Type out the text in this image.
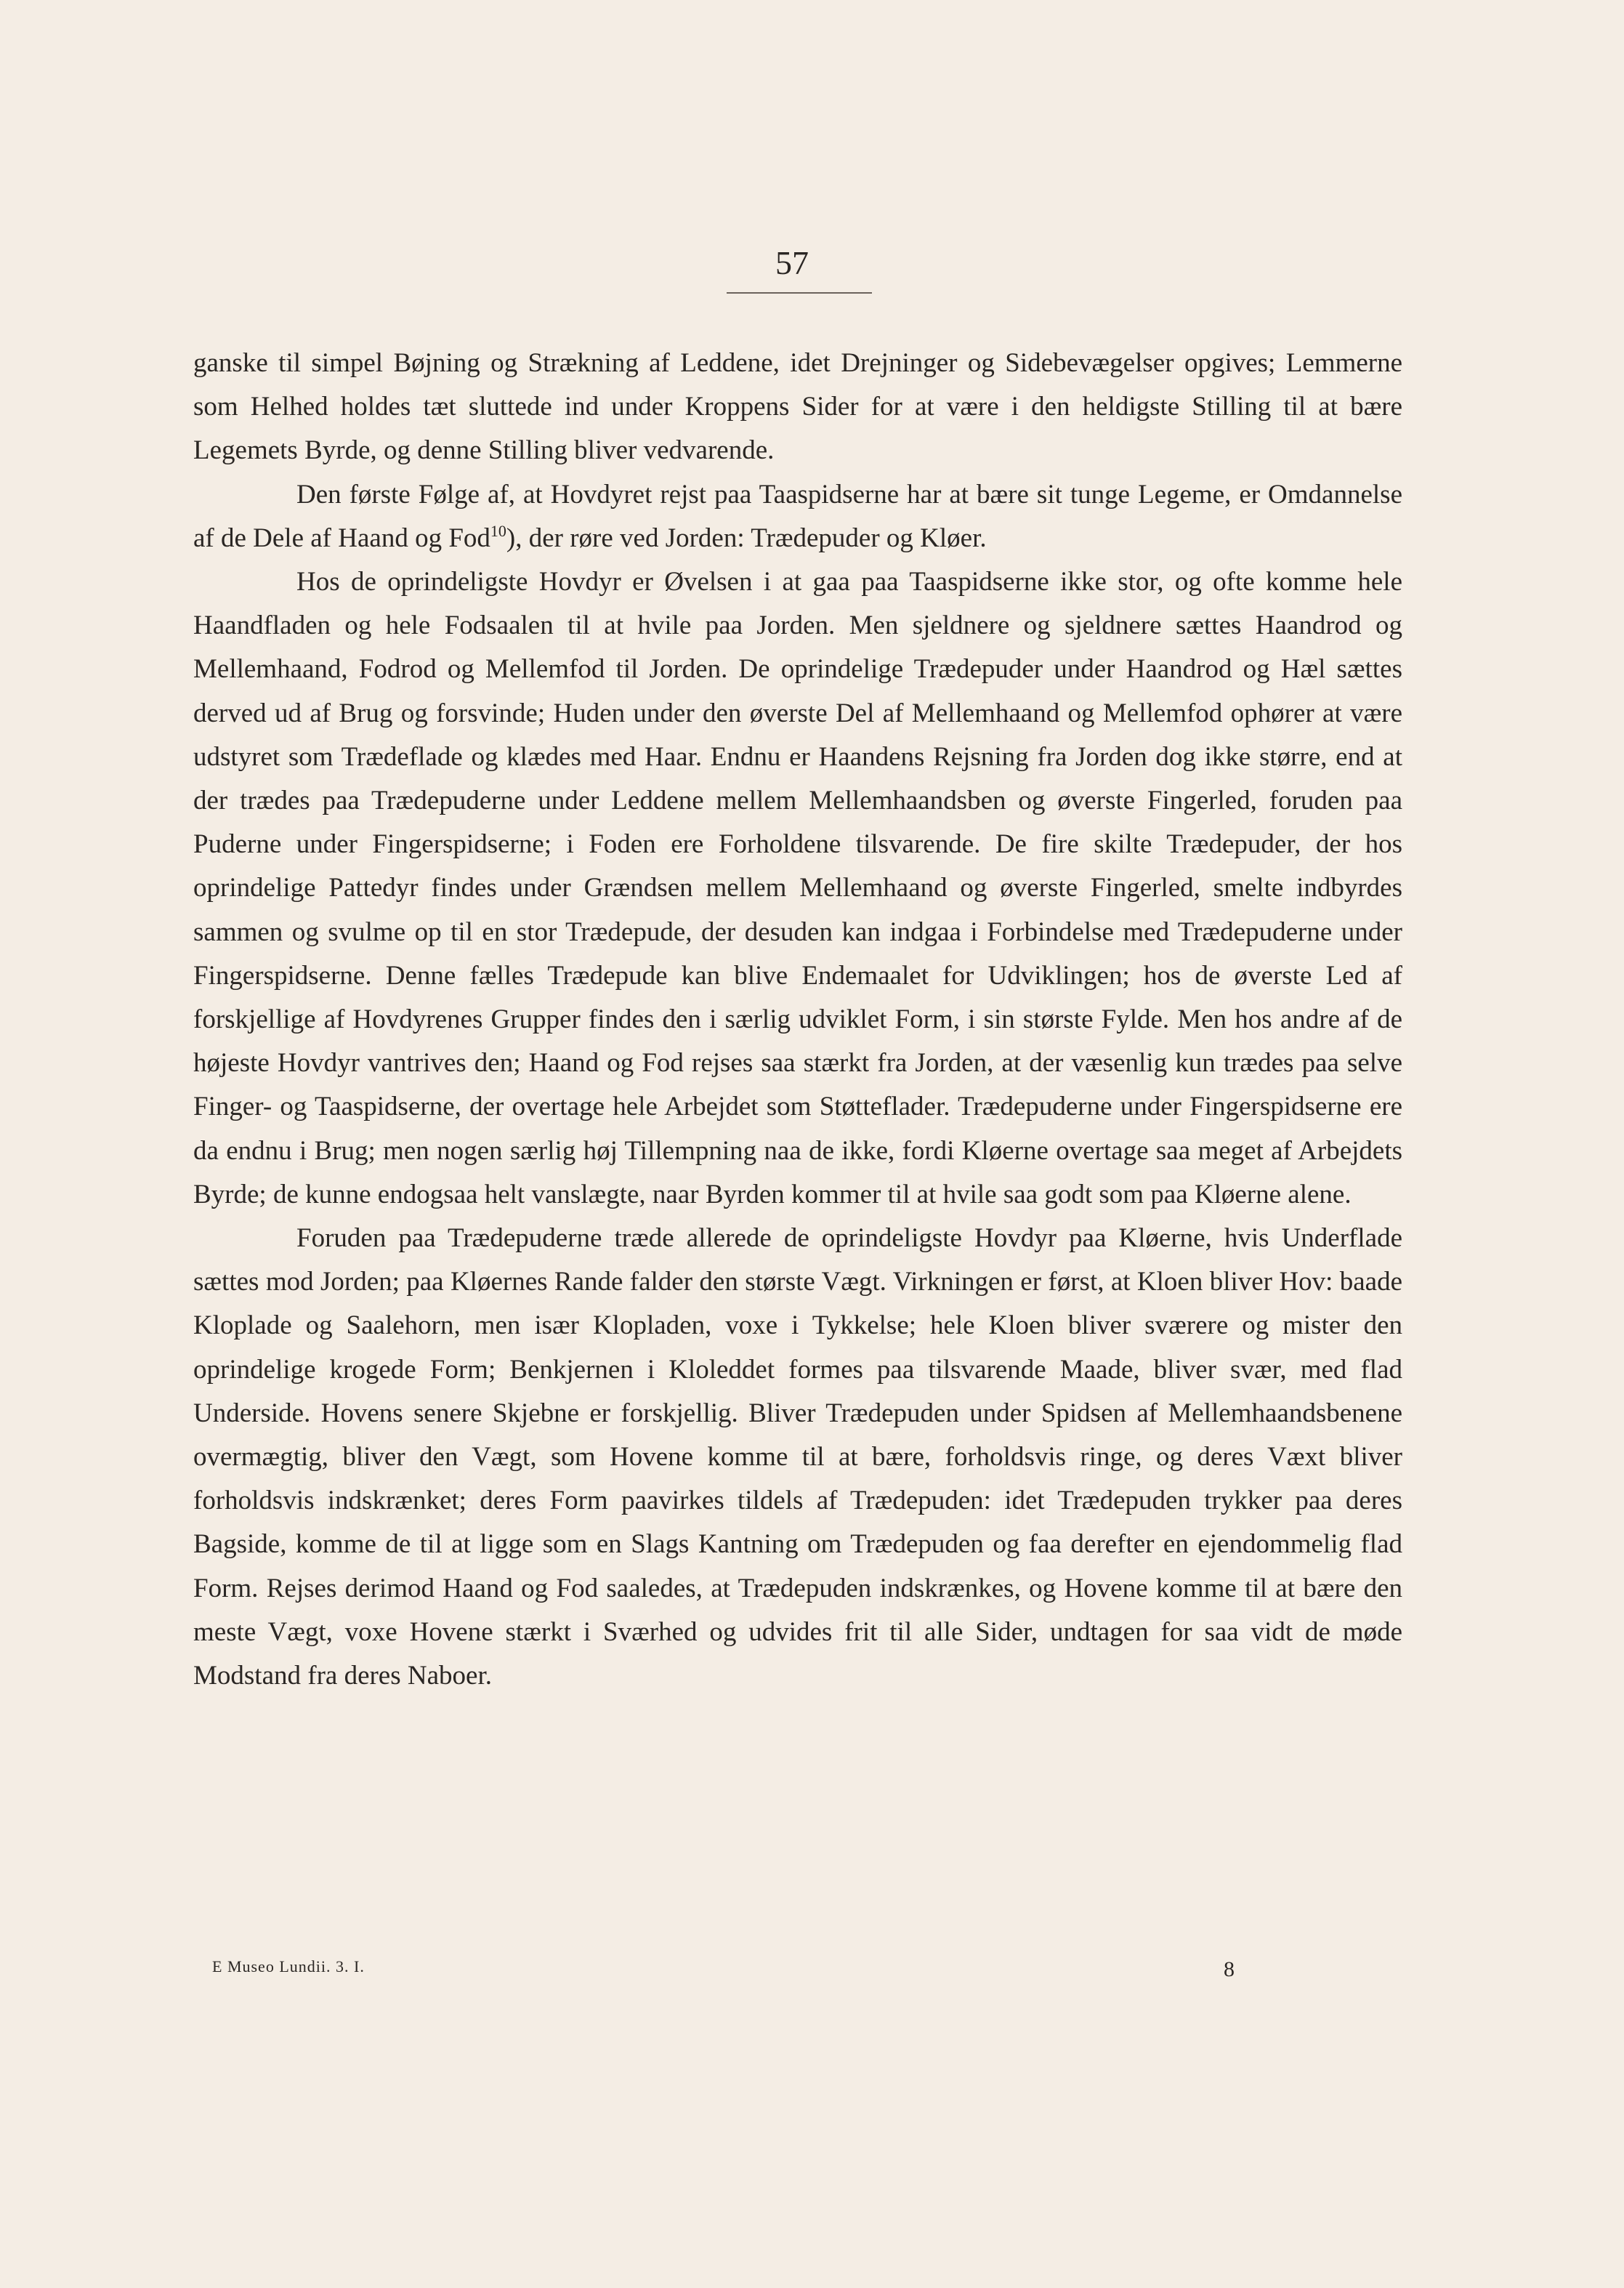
57

ganske til simpel Bøjning og Strækning af Leddene, idet Drejninger og Sidebevægelser opgives; Lemmerne som Helhed holdes tæt sluttede ind under Kroppens Sider for at være i den heldigste Stilling til at bære Legemets Byrde, og denne Stilling bliver vedvarende.

Den første Følge af, at Hovdyret rejst paa Taaspidserne har at bære sit tunge Legeme, er Omdannelse af de Dele af Haand og Fod$^{10}$), der røre ved Jorden: Trædepuder og Kløer.

Hos de oprindeligste Hovdyr er Øvelsen i at gaa paa Taaspidserne ikke stor, og ofte komme hele Haandfladen og hele Fodsaalen til at hvile paa Jorden. Men sjeldnere og sjeldnere sættes Haandrod og Mellemhaand, Fodrod og Mellemfod til Jorden. De oprindelige Trædepuder under Haandrod og Hæl sættes derved ud af Brug og forsvinde; Huden under den øverste Del af Mellemhaand og Mellemfod ophører at være udstyret som Trædeflade og klædes med Haar. Endnu er Haandens Rejsning fra Jorden dog ikke større, end at der trædes paa Trædepuderne under Leddene mellem Mellemhaandsben og øverste Fingerled, foruden paa Puderne under Fingerspidserne; i Foden ere Forholdene tilsvarende. De fire skilte Trædepuder, der hos oprindelige Pattedyr findes under Grændsen mellem Mellemhaand og øverste Fingerled, smelte indbyrdes sammen og svulme op til en stor Trædepude, der desuden kan indgaa i Forbindelse med Trædepuderne under Fingerspidserne. Denne fælles Trædepude kan blive Endemaalet for Udviklingen; hos de øverste Led af forskjellige af Hovdyrenes Grupper findes den i særlig udviklet Form, i sin største Fylde. Men hos andre af de højeste Hovdyr vantrives den; Haand og Fod rejses saa stærkt fra Jorden, at der væsenlig kun trædes paa selve Finger- og Taaspidserne, der overtage hele Arbejdet som Støtteflader. Trædepuderne under Fingerspidserne ere da endnu i Brug; men nogen særlig høj Tillempning naa de ikke, fordi Kløerne overtage saa meget af Arbejdets Byrde; de kunne endogsaa helt vanslægte, naar Byrden kommer til at hvile saa godt som paa Kløerne alene.

Foruden paa Trædepuderne træde allerede de oprindeligste Hovdyr paa Kløerne, hvis Underflade sættes mod Jorden; paa Kløernes Rande falder den største Vægt. Virkningen er først, at Kloen bliver Hov: baade Kloplade og Saalehorn, men især Klopladen, voxe i Tykkelse; hele Kloen bliver sværere og mister den oprindelige krogede Form; Benkjernen i Kloleddet formes paa tilsvarende Maade, bliver svær, med flad Underside. Hovens senere Skjebne er forskjellig. Bliver Trædepuden under Spidsen af Mellemhaandsbenene overmægtig, bliver den Vægt, som Hovene komme til at bære, forholdsvis ringe, og deres Væxt bliver forholdsvis indskrænket; deres Form paavirkes tildels af Trædepuden: idet Trædepuden trykker paa deres Bagside, komme de til at ligge som en Slags Kantning om Trædepuden og faa derefter en ejendommelig flad Form. Rejses derimod Haand og Fod saaledes, at Trædepuden indskrænkes, og Hovene komme til at bære den meste Vægt, voxe Hovene stærkt i Sværhed og udvides frit til alle Sider, undtagen for saa vidt de møde Modstand fra deres Naboer.

E Museo Lundii. 3. I.	8
